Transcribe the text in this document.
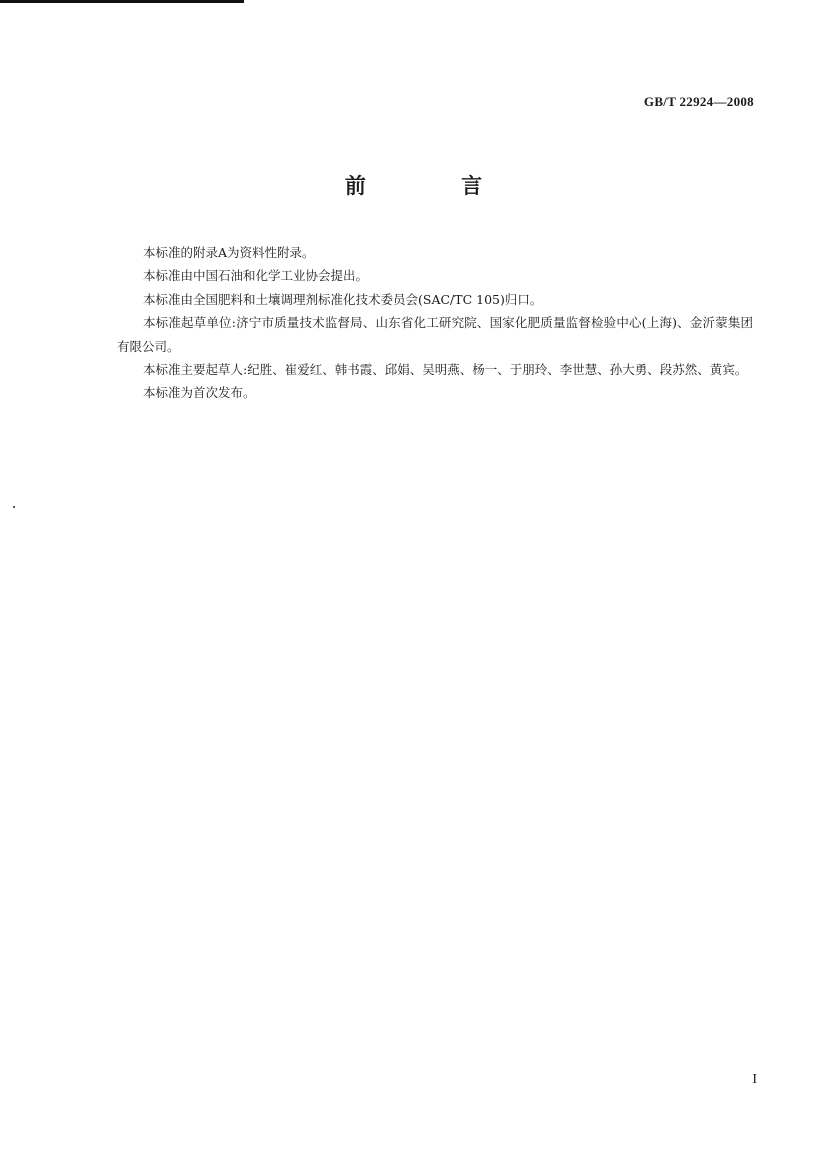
GB/T 22924—2008
前 言

本标准的附录A为资料性附录。

本标准由中国石油和化学工业协会提出。

本标准由全国肥料和土壤调理剂标准化技术委员会(SAC/TC 105)归口。

本标准起草单位:济宁市质量技术监督局、山东省化工研究院、国家化肥质量监督检验中心(上海)、金沂蒙集团有限公司。

本标准主要起草人:纪胜、崔爱红、韩书霞、邱娟、吴明燕、杨一、于朋玲、李世慧、孙大勇、段苏然、黄宾。

本标准为首次发布。

I
